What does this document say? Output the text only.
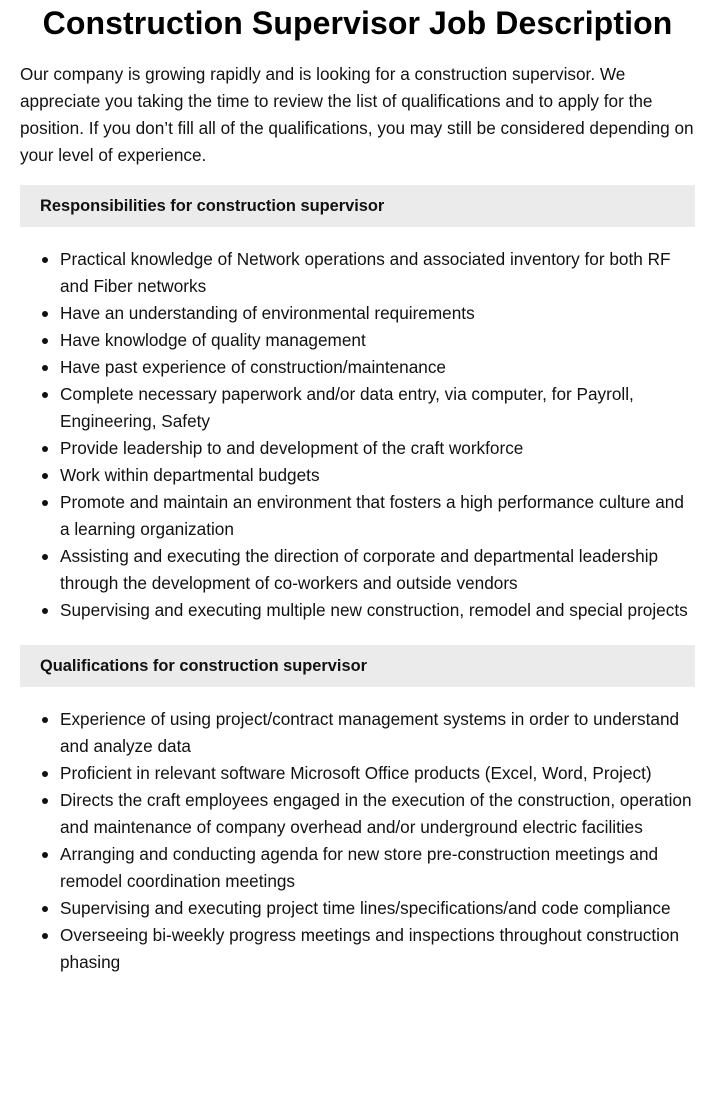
Construction Supervisor Job Description

Our company is growing rapidly and is looking for a construction supervisor. We appreciate you taking the time to review the list of qualifications and to apply for the position. If you don’t fill all of the qualifications, you may still be considered depending on your level of experience.

Responsibilities for construction supervisor
Practical knowledge of Network operations and associated inventory for both RF and Fiber networks
Have an understanding of environmental requirements
Have knowlodge of quality management
Have past experience of construction/maintenance
Complete necessary paperwork and/or data entry, via computer, for Payroll, Engineering, Safety
Provide leadership to and development of the craft workforce
Work within departmental budgets
Promote and maintain an environment that fosters a high performance culture and a learning organization
Assisting and executing the direction of corporate and departmental leadership through the development of co-workers and outside vendors
Supervising and executing multiple new construction, remodel and special projects
Qualifications for construction supervisor
Experience of using project/contract management systems in order to understand and analyze data
Proficient in relevant software Microsoft Office products (Excel, Word, Project)
Directs the craft employees engaged in the execution of the construction, operation and maintenance of company overhead and/or underground electric facilities
Arranging and conducting agenda for new store pre-construction meetings and remodel coordination meetings
Supervising and executing project time lines/specifications/and code compliance
Overseeing bi-weekly progress meetings and inspections throughout construction phasing
